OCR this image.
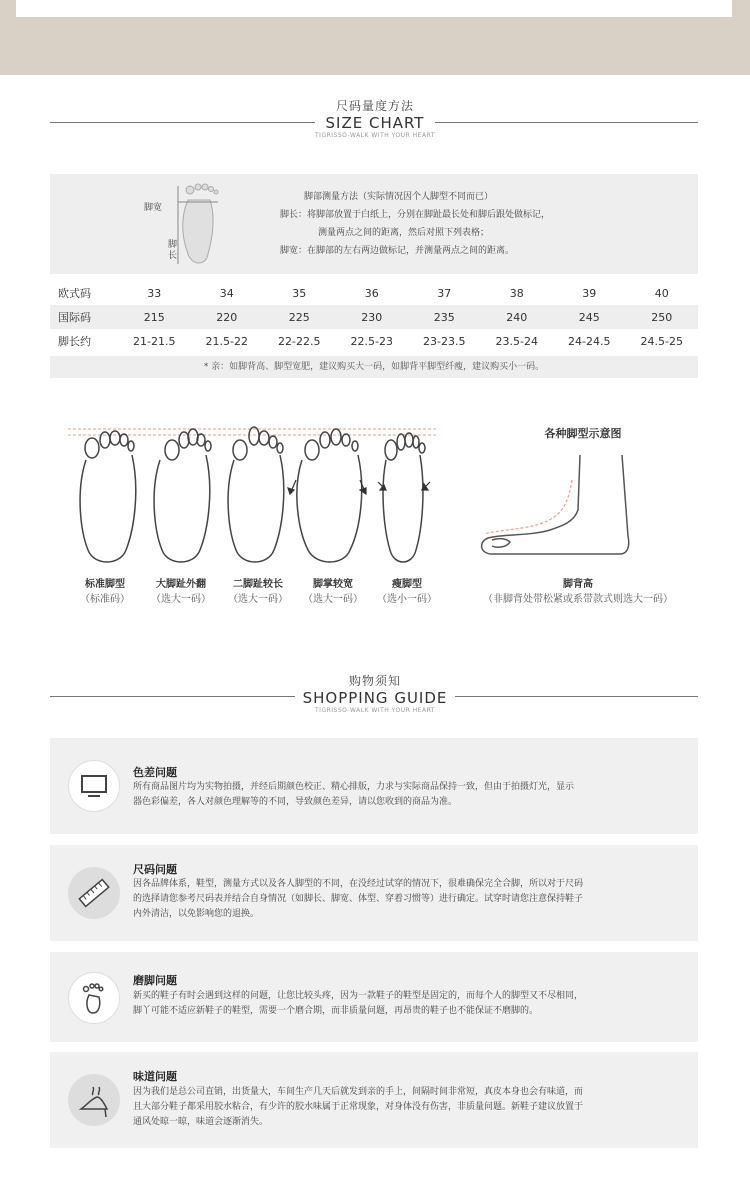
尺码量度方法
SIZE CHART
TIGRISSO-WALK WITH YOUR HEART
脚宽
脚长
脚部测量方法（实际情况因个人脚型不同而已）
脚长：将脚部放置于白纸上，分别在脚趾最长处和脚后跟处做标记，
测量两点之间的距离，然后对照下列表格；
脚宽：在脚部的左右两边做标记，并测量两点之间的距离。
欧式码	33	34	35	36	37	38	39	40
国际码	215	220	225	230	235	240	245	250
脚长约	21-21.5	21.5-22	22-22.5	22.5-23	23-23.5	23.5-24	24-24.5	24.5-25
* 亲：如脚背高、脚型宽肥，建议购买大一码，如脚背平脚型纤瘦，建议购买小一码。
标准脚型
（标准码）
大脚趾外翻
（选大一码）
二脚趾较长
（选大一码）
脚掌较宽
（选大一码）
瘦脚型
（选小一码）
各种脚型示意图
脚背高
（非脚背处带松紧或系带款式则选大一码）
购物须知
SHOPPING GUIDE
TIGRISSO-WALK WITH YOUR HEART
色差问题
所有商品图片均为实物拍摄，并经后期颜色校正、精心排版，力求与实际商品保持一致，但由于拍摄灯光，显示
器色彩偏差，各人对颜色理解等的不同，导致颜色差异，请以您收到的商品为准。
尺码问题
因各品牌体系，鞋型，测量方式以及各人脚型的不同，在没经过试穿的情况下，很难确保完全合脚，所以对于尺码
的选择请您参考尺码表并结合自身情况（如脚长、脚宽、体型、穿着习惯等）进行确定。试穿时请您注意保持鞋子
内外清洁，以免影响您的退换。
磨脚问题
新买的鞋子有时会遇到这样的问题，让您比较头疼，因为一款鞋子的鞋型是固定的，而每个人的脚型又不尽相同，
脚丫可能不适应新鞋子的鞋型，需要一个磨合期，而非质量问题，再昂贵的鞋子也不能保证不磨脚的。
味道问题
因为我们是总公司直销，出货量大，车间生产几天后就发到亲的手上，间隔时间非常短，真皮本身也会有味道，而
且大部分鞋子都采用胶水粘合，有少许的胶水味属于正常现象，对身体没有伤害，非质量问题。新鞋子建议放置于
通风处晾一晾，味道会逐渐消失。
